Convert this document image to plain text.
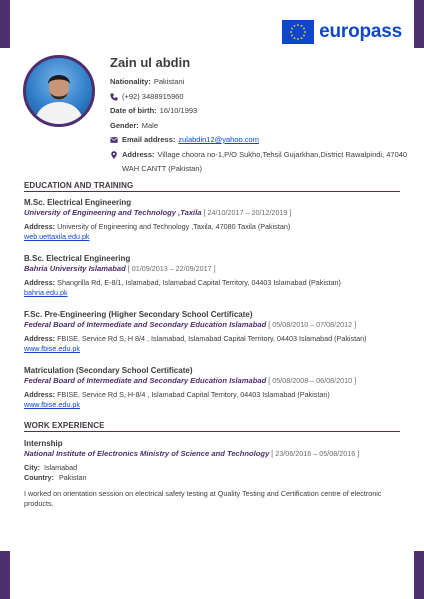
europass
Zain ul abdin
Nationality: Pakistani
(+92) 3488915960
Date of birth: 16/10/1993
Gender: Male
Email address: zulabdin12@yahoo.com
Address: Village choora no-1,P/O Sukho,Tehsil Gujarkhan,District Rawalpindi, 47040
WAH CANTT (Pakistan)
EDUCATION AND TRAINING
M.Sc. Electrical Engineering
University of Engineering and Technology ,Taxila [ 24/10/2017 – 20/12/2019 ]
Address: University of Engineering and Technology ,Taxila, 47080 Taxila (Pakistan)
web.uettaxila.edu.pk
B.Sc. Electrical Engineering
Bahria University Islamabad [ 01/09/2013 – 22/09/2017 ]
Address: Shangrilla Rd, E-8/1, Islamabad, Islamabad Capital Territory, 04403 Islamabad (Pakistan)
bahria.edu.pk
F.Sc. Pre-Engineering (Higher Secondary School Certificate)
Federal Board of Intermediate and Secondary Education Islamabad [ 05/08/2010 – 07/08/2012 ]
Address: FBISE, Service Rd S, H 8/4 , Islamabad, Islamabad Capital Territory, 04403 Islamabad (Pakistan)
www.fbise.edu.pk
Matriculation (Secondary School Certificate)
Federal Board of Intermediate and Secondary Education Islamabad [ 05/08/2008 – 06/08/2010 ]
Address: FBISE, Service Rd S, H-8/4 , Islamabad Capital Territory, 04403 Islamabad (Pakistan)
www.fbise.edu.pk
WORK EXPERIENCE
Internship
National Institute of Electronics Ministry of Science and Technology [ 23/06/2016 – 05/08/2016 ]
City: Islamabad
Country: Pakistan
I worked on orientation session on electrical safety testing at Quality Testing and Certification centre of electronic products.
